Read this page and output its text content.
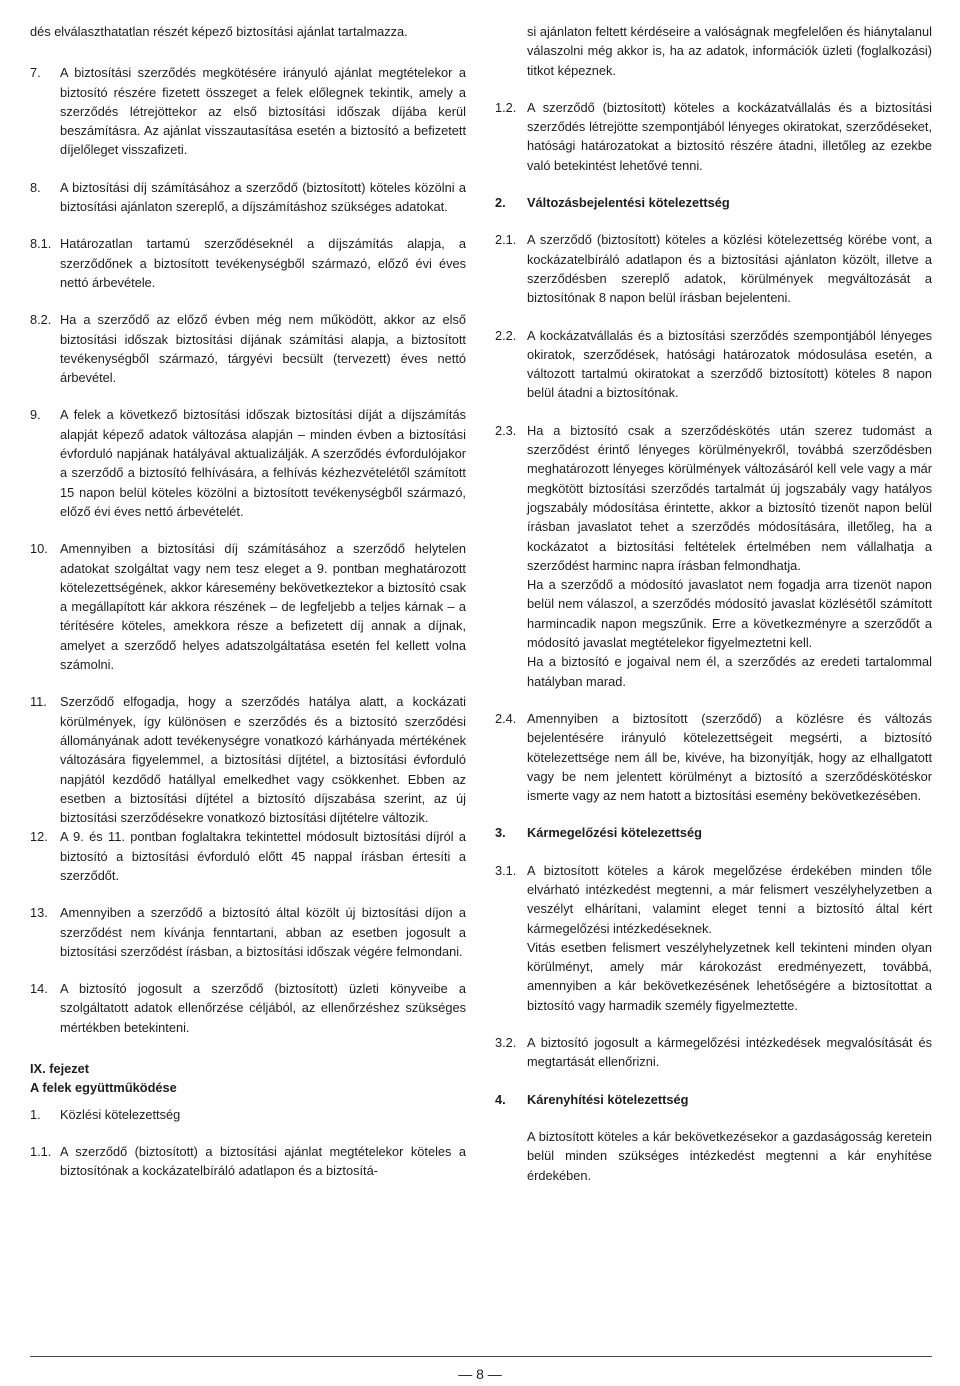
dés elválaszthatatlan részét képező biztosítási ajánlat tartalmazza.
7.	A biztosítási szerződés megkötésére irányuló ajánlat megtételekor a biztosító részére fizetett összeget a felek előlegnek tekintik, amely a szerződés létrejöttekor az első biztosítási időszak díjába kerül beszámításra. Az ajánlat visszautasítása esetén a biztosító a befizetett díjelőleget visszafizeti.
8.	A biztosítási díj számításához a szerződő (biztosított) köteles közölni a biztosítási ajánlaton szereplő, a díjszámításhoz szükséges adatokat.
8.1. Határozatlan tartamú szerződéseknél a díjszámítás alapja, a szerződőnek a biztosított tevékenységből származó, előző évi éves nettó árbevétele.
8.2. Ha a szerződő az előző évben még nem működött, akkor az első biztosítási időszak biztosítási díjának számítási alapja, a biztosított tevékenységből származó, tárgyévi becsült (tervezett) éves nettó árbevétel.
9.	A felek a következő biztosítási időszak biztosítási díját a díjszámítás alapját képező adatok változása alapján – minden évben a biztosítási évforduló napjának hatályával aktualizálják. A szerződés évfordulójakor a szerződő a biztosító felhívására, a felhívás kézhezvételétől számított 15 napon belül köteles közölni a biztosított tevékenységből származó, előző évi éves nettó árbevételét.
10. Amennyiben a biztosítási díj számításához a szerződő helytelen adatokat szolgáltat vagy nem tesz eleget a 9. pontban meghatározott kötelezettségének, akkor káresemény bekövetkeztekor a biztosító csak a megállapított kár akkora részének – de legfeljebb a teljes kárnak – a térítésére köteles, amekkora része a befizetett díj annak a díjnak, amelyet a szerződő helyes adatszolgáltatása esetén fel kellett volna számolni.
11.	Szerződő elfogadja, hogy a szerződés hatálya alatt, a kockázati körülmények, így különösen e szerződés és a biztosító szerződési állományának adott tevékenységre vonatkozó kárhányada mértékének változására figyelemmel, a biztosítási díjtétel, a biztosítási évforduló napjától kezdődő hatállyal emelkedhet vagy csökkenhet. Ebben az esetben a biztosítási díjtétel a biztosító díjszabása szerint, az új biztosítási szerződésekre vonatkozó biztosítási díjtételre változik.
12. A 9. és 11. pontban foglaltakra tekintettel módosult biztosítási díjról a biztosító a biztosítási évforduló előtt 45 nappal írásban értesíti a szerződőt.
13. Amennyiben a szerződő a biztosító által közölt új biztosítási díjon a szerződést nem kívánja fenntartani, abban az esetben jogosult a biztosítási szerződést írásban, a biztosítási időszak végére felmondani.
14. A biztosító jogosult a szerződő (biztosított) üzleti könyveibe a szolgáltatott adatok ellenőrzése céljából, az ellenőrzéshez szükséges mértékben betekinteni.
IX. fejezet
A felek együttműködése
1.	Közlési kötelezettség
1.1. A szerződő (biztosított) a biztosítási ajánlat megtételekor köteles a biztosítónak a kockázatelbíráló adatlapon és a biztosítá-
si ajánlaton feltett kérdéseire a valóságnak megfelelően és hiánytalanul válaszolni még akkor is, ha az adatok, információk üzleti (foglalkozási) titkot képeznek.
1.2. A szerződő (biztosított) köteles a kockázatvállalás és a biztosítási szerződés létrejötte szempontjából lényeges okiratokat, szerződéseket, hatósági határozatokat a biztosító részére átadni, illetőleg az ezekbe való betekintést lehetővé tenni.
2.	Változásbejelentési kötelezettség
2.1. A szerződő (biztosított) köteles a közlési kötelezettség körébe vont, a kockázatelbíráló adatlapon és a biztosítási ajánlaton közölt, illetve a szerződésben szereplő adatok, körülmények megváltozását a biztosítónak 8 napon belül írásban bejelenteni.
2.2. A kockázatvállalás és a biztosítási szerződés szempontjából lényeges okiratok, szerződések, hatósági határozatok módosulása esetén, a változott tartalmú okiratokat a szerződő biztosított) köteles 8 napon belül átadni a biztosítónak.
2.3. Ha a biztosító csak a szerződéskötés után szerez tudomást a szerződést érintő lényeges körülményekről, továbbá szerződésben meghatározott lényeges körülmények változásáról kell vele vagy a már megkötött biztosítási szerződés tartalmát új jogszabály vagy hatályos jogszabály módosítása érintette, akkor a biztosító tizenöt napon belül írásban javaslatot tehet a szerződés módosítására, illetőleg, ha a kockázatot a biztosítási feltételek értelmében nem vállalhatja a szerződést harminc napra írásban felmondhatja.
Ha a szerződő a módosító javaslatot nem fogadja arra tizenöt napon belül nem válaszol, a szerződés módosító javaslat közlésétől számított harmincadik napon megszűnik. Erre a következményre a szerződőt a módosító javaslat megtételekor figyelmeztetni kell.
Ha a biztosító e jogaival nem él, a szerződés az eredeti tartalommal hatályban marad.
2.4. Amennyiben a biztosított (szerződő) a közlésre és változás bejelentésére irányuló kötelezettségeit megsérti, a biztosító kötelezettsége nem áll be, kivéve, ha bizonyítják, hogy az elhallgatott vagy be nem jelentett körülményt a biztosító a szerződéskötéskor ismerte vagy az nem hatott a biztosítási esemény bekövetkezésében.
3.	Kármegelőzési kötelezettség
3.1. A biztosított köteles a károk megelőzése érdekében minden tőle elvárható intézkedést megtenni, a már felismert veszélyhelyzetben a veszélyt elhárítani, valamint eleget tenni a biztosító által kért kármegelőzési intézkedéseknek.
Vitás esetben felismert veszélyhelyzetnek kell tekinteni minden olyan körülményt, amely már károkozást eredményezett, továbbá, amennyiben a kár bekövetkezésének lehetőségére a biztosítottat a biztosító vagy harmadik személy figyelmeztette.
3.2. A biztosító jogosult a kármegelőzési intézkedések megvalósítását és megtartását ellenőrizni.
4.	Kárenyhítési kötelezettség
A biztosított köteles a kár bekövetkezésekor a gazdaságosság keretein belül minden szükséges intézkedést megtenni a kár enyhítése érdekében.
— 8 —
